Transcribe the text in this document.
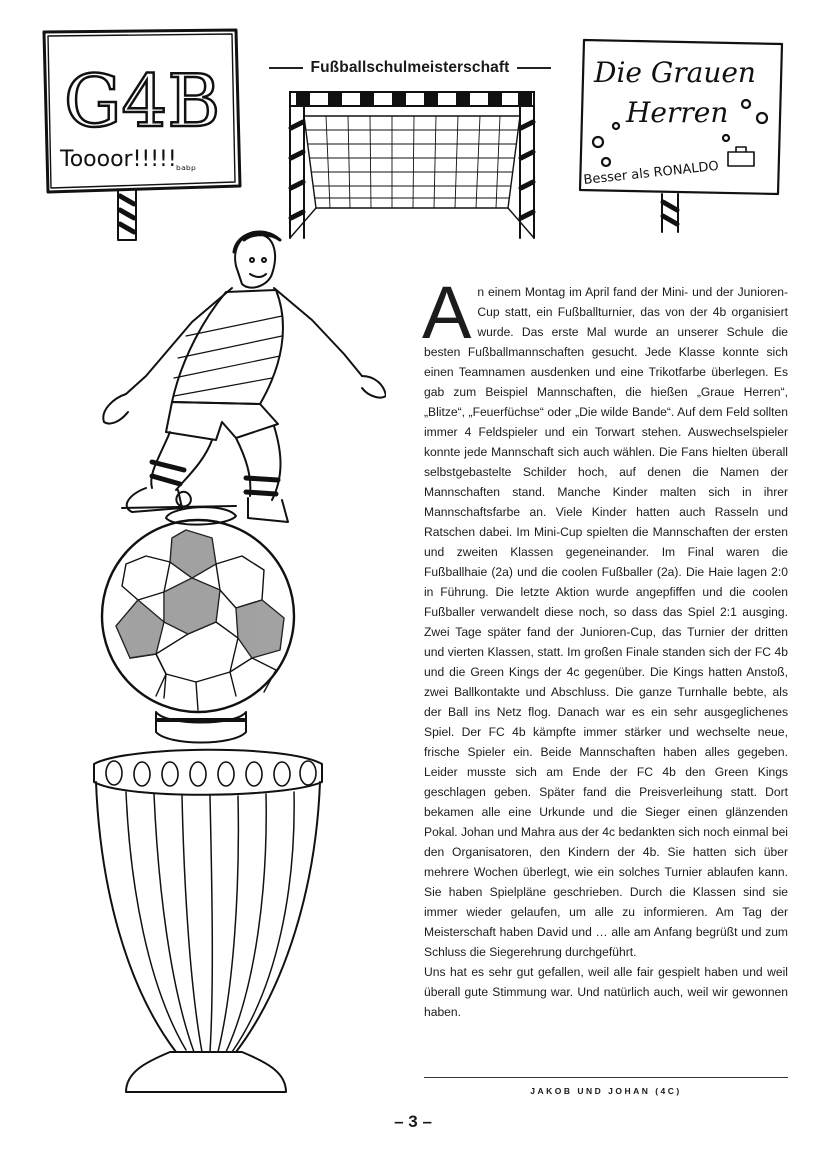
Fußballschulmeisterschaft
G4B
Toooor!!!!! ᵇᵃᵇᵖ
Die Grauen
Herren
Besser als RONALDO
A n einem Montag im April fand der Mini- und der Junioren-Cup statt, ein Fußballturnier, das von der 4b organisiert wurde. Das erste Mal wurde an unserer Schule die besten Fußballmannschaften gesucht. Jede Klasse konnte sich einen Teamnamen ausdenken und eine Trikotfarbe überlegen. Es gab zum Beispiel Mannschaften, die hießen „Graue Herren“, „Blitze“, „Feuerfüchse“ oder „Die wilde Bande“. Auf dem Feld sollten immer 4 Feldspieler und ein Torwart stehen. Auswechselspieler konnte jede Mannschaft sich auch wählen. Die Fans hielten überall selbstgebastelte Schilder hoch, auf denen die Namen der Mannschaften stand. Manche Kinder malten sich in ihrer Mannschaftsfarbe an. Viele Kinder hatten auch Rasseln und Ratschen dabei. Im Mini-Cup spielten die Mannschaften der ersten und zweiten Klassen gegeneinander. Im Final waren die Fußballhaie (2a) und die coolen Fußballer (2a). Die Haie lagen 2:0 in Führung. Die letzte Aktion wurde angepfiffen und die coolen Fußballer verwandelt diese noch, so dass das Spiel 2:1 ausging. Zwei Tage später fand der Junioren-Cup, das Turnier der dritten und vierten Klassen, statt. Im großen Finale standen sich der FC 4b und die Green Kings der 4c gegenüber. Die Kings hatten Anstoß, zwei Ballkontakte und Abschluss. Die ganze Turnhalle bebte, als der Ball ins Netz flog. Danach war es ein sehr ausgeglichenes Spiel. Der FC 4b kämpfte immer stärker und wechselte neue, frische Spieler ein. Beide Mannschaften haben alles gegeben. Leider musste sich am Ende der FC 4b den Green Kings geschlagen geben. Später fand die Preisverleihung statt. Dort bekamen alle eine Urkunde und die Sieger einen glänzenden Pokal. Johan und Mahra aus der 4c bedankten sich noch einmal bei den Organisatoren, den Kindern der 4b. Sie hatten sich über mehrere Wochen überlegt, wie ein solches Turnier ablaufen kann. Sie haben Spielpläne geschrieben. Durch die Klassen sind sie immer wieder gelaufen, um alle zu informieren. Am Tag der Meisterschaft haben David und … alle am Anfang begrüßt und zum Schluss die Siegerehrung durchgeführt.

Uns hat es sehr gut gefallen, weil alle fair gespielt haben und weil überall gute Stimmung war. Und natürlich auch, weil wir gewonnen haben.

JAKOB UND JOHAN (4C)
– 3 –
